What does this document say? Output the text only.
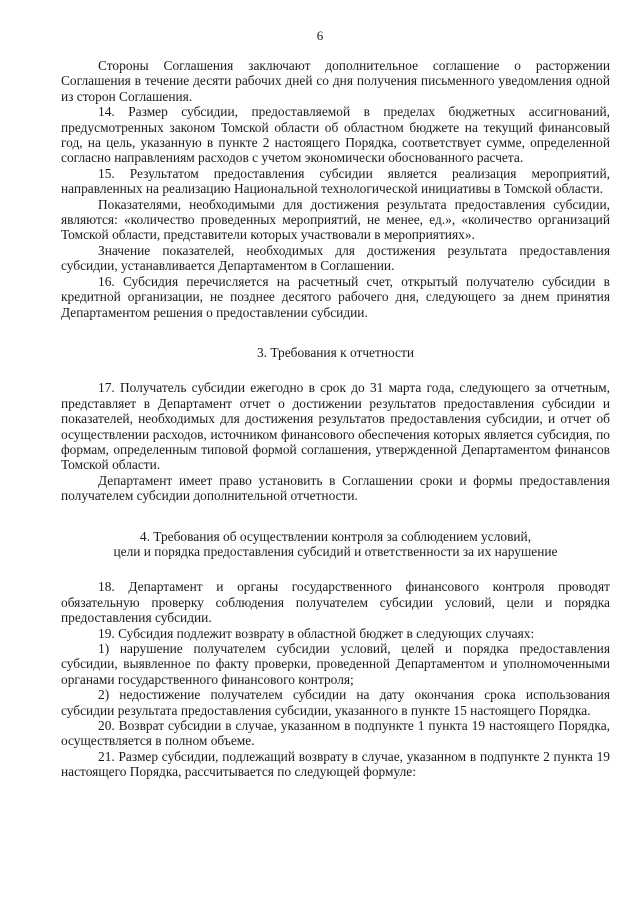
6

Стороны Соглашения заключают дополнительное соглашение о расторжении Соглашения в течение десяти рабочих дней со дня получения письменного уведомления одной из сторон Соглашения.

14. Размер субсидии, предоставляемой в пределах бюджетных ассигнований, предусмотренных законом Томской области об областном бюджете на текущий финансовый год, на цель, указанную в пункте 2 настоящего Порядка, соответствует сумме, определенной согласно направлениям расходов с учетом экономически обоснованного расчета.

15. Результатом предоставления субсидии является реализация мероприятий, направленных на реализацию Национальной технологической инициативы в Томской области.

Показателями, необходимыми для достижения результата предоставления субсидии, являются: «количество проведенных мероприятий, не менее, ед.», «количество организаций Томской области, представители которых участвовали в мероприятиях».

Значение показателей, необходимых для достижения результата предоставления субсидии, устанавливается Департаментом в Соглашении.

16. Субсидия перечисляется на расчетный счет, открытый получателю субсидии в кредитной организации, не позднее десятого рабочего дня, следующего за днем принятия Департаментом решения о предоставлении субсидии.

3. Требования к отчетности

17. Получатель субсидии ежегодно в срок до 31 марта года, следующего за отчетным, представляет в Департамент отчет о достижении результатов предоставления субсидии и показателей, необходимых для достижения результатов предоставления субсидии, и отчет об осуществлении расходов, источником финансового обеспечения которых является субсидия, по формам, определенным типовой формой соглашения, утвержденной Департаментом финансов Томской области.

Департамент имеет право установить в Соглашении сроки и формы предоставления получателем субсидии дополнительной отчетности.

4. Требования об осуществлении контроля за соблюдением условий,
цели и порядка предоставления субсидий и ответственности за их нарушение

18. Департамент и органы государственного финансового контроля проводят обязательную проверку соблюдения получателем субсидии условий, цели и порядка предоставления субсидии.

19. Субсидия подлежит возврату в областной бюджет в следующих случаях:

1) нарушение получателем субсидии условий, целей и порядка предоставления субсидии, выявленное по факту проверки, проведенной Департаментом и уполномоченными органами государственного финансового контроля;

2) недостижение получателем субсидии на дату окончания срока использования субсидии результата предоставления субсидии, указанного в пункте 15 настоящего Порядка.

20. Возврат субсидии в случае, указанном в подпункте 1 пункта 19 настоящего Порядка, осуществляется в полном объеме.

21. Размер субсидии, подлежащий возврату в случае, указанном в подпункте 2 пункта 19 настоящего Порядка, рассчитывается по следующей формуле:
